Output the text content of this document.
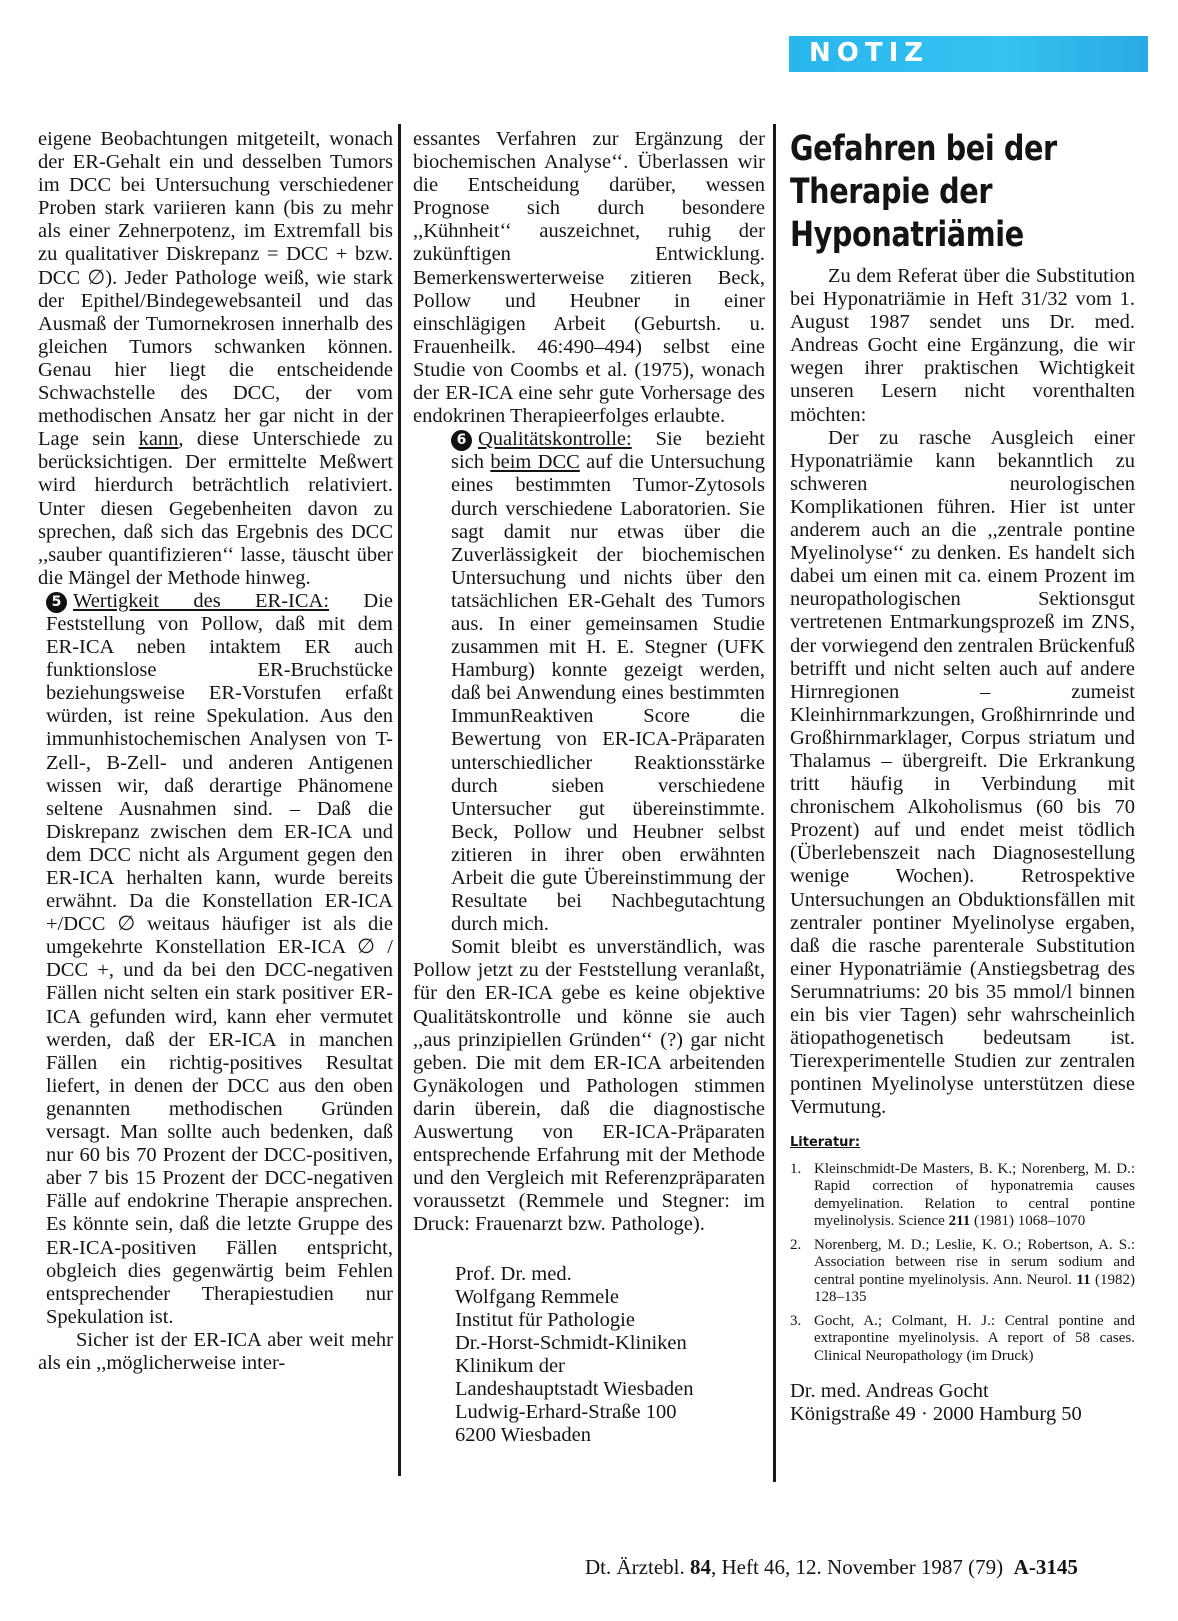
NOTIZ

eigene Beobachtungen mitgeteilt, wonach der ER-Gehalt ein und desselben Tumors im DCC bei Untersuchung verschiedener Proben stark variieren kann (bis zu mehr als einer Zehnerpotenz, im Extremfall bis zu qualitativer Diskrepanz = DCC + bzw. DCC ∅). Jeder Pathologe weiß, wie stark der Epithel/Bindegewebsanteil und das Ausmaß der Tumornekrosen innerhalb des gleichen Tumors schwanken können. Genau hier liegt die entscheidende Schwachstelle des DCC, der vom methodischen Ansatz her gar nicht in der Lage sein kann, diese Unterschiede zu berücksichtigen. Der ermittelte Meßwert wird hierdurch beträchtlich relativiert. Unter diesen Gegebenheiten davon zu sprechen, daß sich das Ergebnis des DCC ,,sauber quantifizieren‘‘ lasse, täuscht über die Mängel der Methode hinweg.

5 Wertigkeit des ER-ICA: Die Feststellung von Pollow, daß mit dem ER-ICA neben intaktem ER auch funktionslose ER-Bruchstücke beziehungsweise ER-Vorstufen erfaßt würden, ist reine Spekulation. Aus den immunhistochemischen Analysen von T-Zell-, B-Zell- und anderen Antigenen wissen wir, daß derartige Phänomene seltene Ausnahmen sind. – Daß die Diskrepanz zwischen dem ER-ICA und dem DCC nicht als Argument gegen den ER-ICA herhalten kann, wurde bereits erwähnt. Da die Konstellation ER-ICA +/DCC ∅ weitaus häufiger ist als die umgekehrte Konstellation ER-ICA ∅ / DCC +, und da bei den DCC-negativen Fällen nicht selten ein stark positiver ER-ICA gefunden wird, kann eher vermutet werden, daß der ER-ICA in manchen Fällen ein richtig-positives Resultat liefert, in denen der DCC aus den oben genannten methodischen Gründen versagt. Man sollte auch bedenken, daß nur 60 bis 70 Prozent der DCC-positiven, aber 7 bis 15 Prozent der DCC-negativen Fälle auf endokrine Therapie ansprechen. Es könnte sein, daß die letzte Gruppe des ER-ICA-positiven Fällen entspricht, obgleich dies gegenwärtig beim Fehlen entsprechender Therapiestudien nur Spekulation ist.

Sicher ist der ER-ICA aber weit mehr als ein ,,möglicherweise inter-

essantes Verfahren zur Ergänzung der biochemischen Analyse‘‘. Überlassen wir die Entscheidung darüber, wessen Prognose sich durch besondere ,,Kühnheit‘‘ auszeichnet, ruhig der zukünftigen Entwicklung. Bemerkenswerterweise zitieren Beck, Pollow und Heubner in einer einschlägigen Arbeit (Geburtsh. u. Frauenheilk. 46:490–494) selbst eine Studie von Coombs et al. (1975), wonach der ER-ICA eine sehr gute Vorhersage des endokrinen Therapieerfolges erlaubte.

6 Qualitätskontrolle: Sie bezieht sich beim DCC auf die Untersuchung eines bestimmten Tumor-Zytosols durch verschiedene Laboratorien. Sie sagt damit nur etwas über die Zuverlässigkeit der biochemischen Untersuchung und nichts über den tatsächlichen ER-Gehalt des Tumors aus. In einer gemeinsamen Studie zusammen mit H. E. Stegner (UFK Hamburg) konnte gezeigt werden, daß bei Anwendung eines bestimmten ImmunReaktiven Score die Bewertung von ER-ICA-Präparaten unterschiedlicher Reaktionsstärke durch sieben verschiedene Untersucher gut übereinstimmte. Beck, Pollow und Heubner selbst zitieren in ihrer oben erwähnten Arbeit die gute Übereinstimmung der Resultate bei Nachbegutachtung durch mich.

Somit bleibt es unverständlich, was Pollow jetzt zu der Feststellung veranlaßt, für den ER-ICA gebe es keine objektive Qualitätskontrolle und könne sie auch ,,aus prinzipiellen Gründen‘‘ (?) gar nicht geben. Die mit dem ER-ICA arbeitenden Gynäkologen und Pathologen stimmen darin überein, daß die diagnostische Auswertung von ER-ICA-Präparaten entsprechende Erfahrung mit der Methode und den Vergleich mit Referenzpräparaten voraussetzt (Remmele und Stegner: im Druck: Frauenarzt bzw. Pathologe).

Prof. Dr. med.
Wolfgang Remmele
Institut für Pathologie
Dr.-Horst-Schmidt-Kliniken
Klinikum der
Landeshauptstadt Wiesbaden
Ludwig-Erhard-Straße 100
6200 Wiesbaden
Gefahren bei der
Therapie der
Hyponatriämie

Zu dem Referat über die Substitution bei Hyponatriämie in Heft 31/32 vom 1. August 1987 sendet uns Dr. med. Andreas Gocht eine Ergänzung, die wir wegen ihrer praktischen Wichtigkeit unseren Lesern nicht vorenthalten möchten:

Der zu rasche Ausgleich einer Hyponatriämie kann bekanntlich zu schweren neurologischen Komplikationen führen. Hier ist unter anderem auch an die ,,zentrale pontine Myelinolyse‘‘ zu denken. Es handelt sich dabei um einen mit ca. einem Prozent im neuropathologischen Sektionsgut vertretenen Entmarkungsprozeß im ZNS, der vorwiegend den zentralen Brückenfuß betrifft und nicht selten auch auf andere Hirnregionen – zumeist Kleinhirnmarkzungen, Großhirnrinde und Großhirnmarklager, Corpus striatum und Thalamus – übergreift. Die Erkrankung tritt häufig in Verbindung mit chronischem Alkoholismus (60 bis 70 Prozent) auf und endet meist tödlich (Überlebenszeit nach Diagnosestellung wenige Wochen). Retrospektive Untersuchungen an Obduktionsfällen mit zentraler pontiner Myelinolyse ergaben, daß die rasche parenterale Substitution einer Hyponatriämie (Anstiegsbetrag des Serumnatriums: 20 bis 35 mmol/l binnen ein bis vier Tagen) sehr wahrscheinlich ätiopathogenetisch bedeutsam ist. Tierexperimentelle Studien zur zentralen pontinen Myelinolyse unterstützen diese Vermutung.

Literatur:
1. Kleinschmidt-De Masters, B. K.; Norenberg, M. D.: Rapid correction of hyponatremia causes demyelination. Relation to central pontine myelinolysis. Science 211 (1981) 1068–1070
2. Norenberg, M. D.; Leslie, K. O.; Robertson, A. S.: Association between rise in serum sodium and central pontine myelinolysis. Ann. Neurol. 11 (1982) 128–135
3. Gocht, A.; Colmant, H. J.: Central pontine and extrapontine myelinolysis. A report of 58 cases. Clinical Neuropathology (im Druck)
Dr. med. Andreas Gocht
Königstraße 49 · 2000 Hamburg 50
Dt. Ärztebl. 84, Heft 46, 12. November 1987 (79) A-3145
